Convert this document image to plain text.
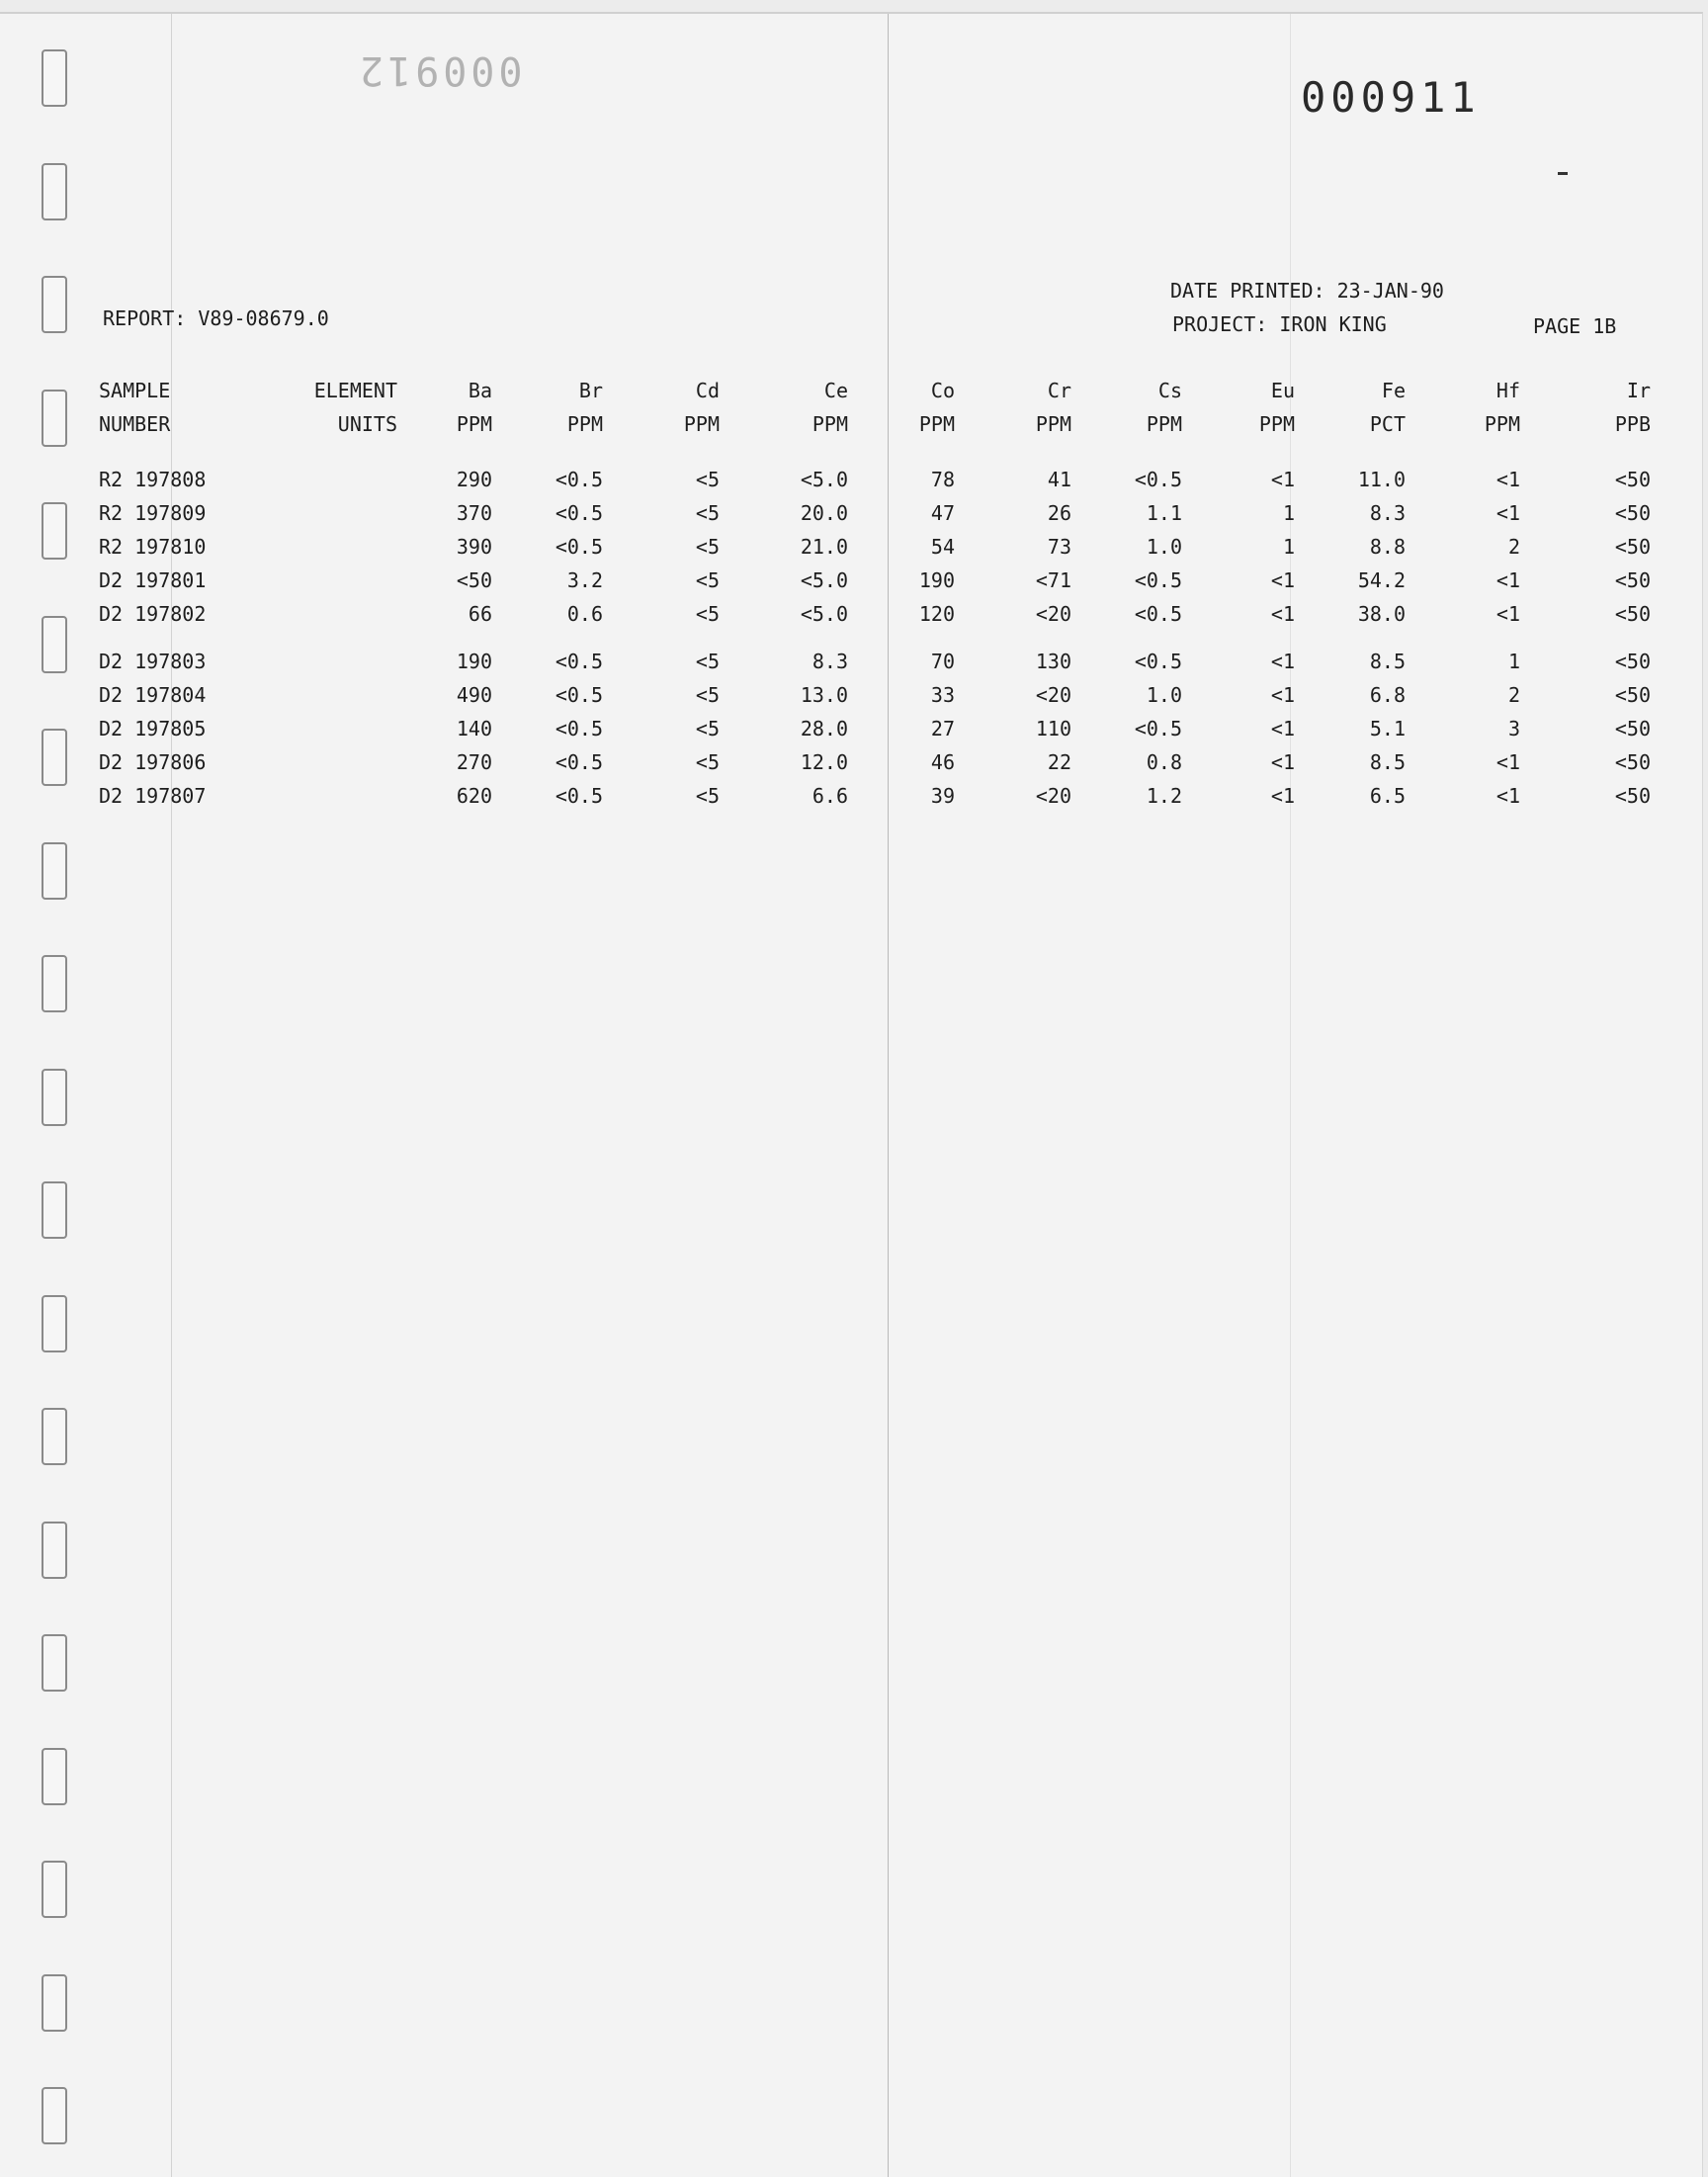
000912
000911
REPORT: V89-08679.0
DATE PRINTED: 23-JAN-90
PROJECT: IRON KING	PAGE 1B
SAMPLE	ELEMENT	Ba	Br	Cd	Ce	Co	Cr	Cs	Eu	Fe	Hf	Ir
NUMBER	UNITS	PPM	PPM	PPM	PPM	PPM	PPM	PPM	PPM	PCT	PPM	PPB

R2 197808		290	<0.5	<5	<5.0	78	41	<0.5	<1	11.0	<1	<50
R2 197809		370	<0.5	<5	20.0	47	26	1.1	1	8.3	<1	<50
R2 197810		390	<0.5	<5	21.0	54	73	1.0	1	8.8	2	<50
D2 197801		<50	3.2	<5	<5.0	190	<71	<0.5	<1	54.2	<1	<50
D2 197802		66	0.6	<5	<5.0	120	<20	<0.5	<1	38.0	<1	<50

D2 197803		190	<0.5	<5	8.3	70	130	<0.5	<1	8.5	1	<50
D2 197804		490	<0.5	<5	13.0	33	<20	1.0	<1	6.8	2	<50
D2 197805		140	<0.5	<5	28.0	27	110	<0.5	<1	5.1	3	<50
D2 197806		270	<0.5	<5	12.0	46	22	0.8	<1	8.5	<1	<50
D2 197807		620	<0.5	<5	6.6	39	<20	1.2	<1	6.5	<1	<50
